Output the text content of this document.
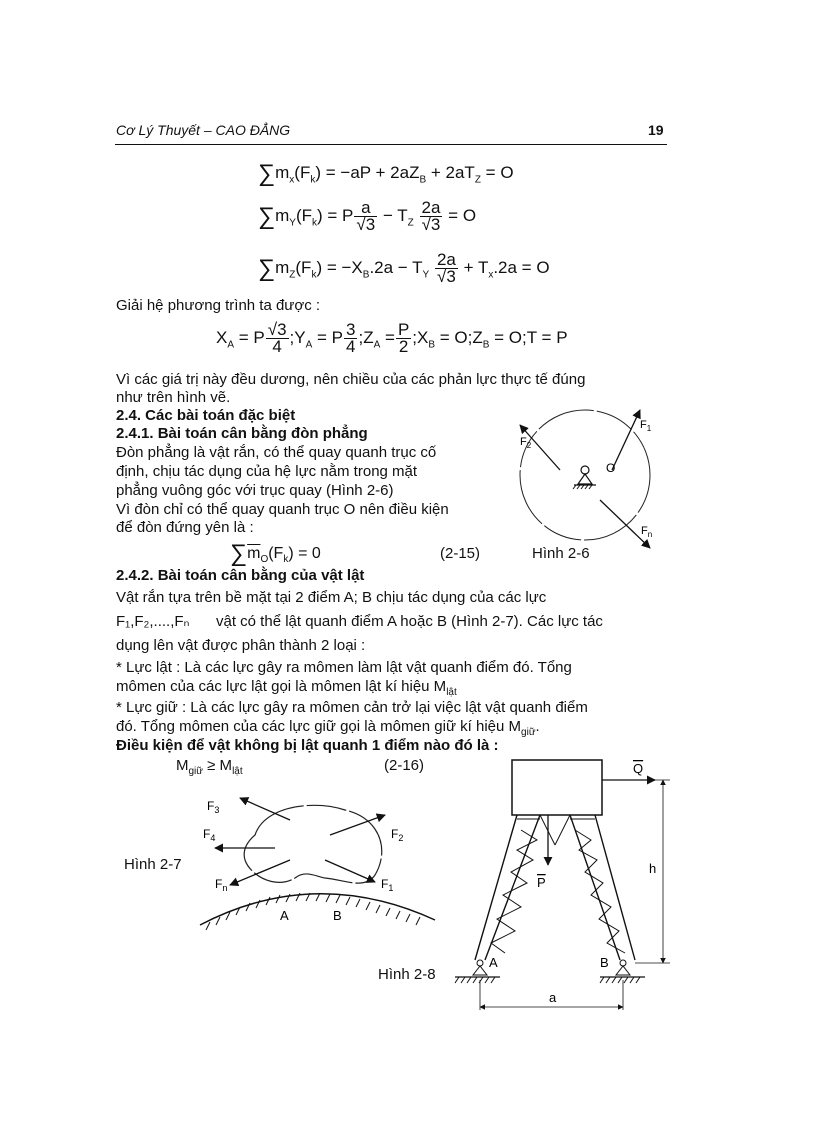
Cơ Lý Thuyết – CAO ĐẲNG	19
$\sum m_x(F_k) = -aP + 2aZ_B + 2aT_Z = O$
$\sum m_Y(F_k) = P \frac{a}{√3} - T_Z \frac{2a}{√3} = O$
$\sum m_Z(F_k) = -X_B.2a - T_Y \frac{2a}{√3} + T_x.2a = O$
Giải hệ phương trình ta được :
$X_A = P \frac{√3}{4}$ $;Y_A = P \frac{3}{4}$ $;Z_A = \frac{P}{2}$ $;X_B$ = $O;Z_B$ = O;T = P
Vì các giá trị này đều dương, nên chiều của các phản lực thực tế đúng
như trên hình vẽ.
2.4. Các bài toán đặc biệt
2.4.1. Bài toán cân bằng đòn phẳng
Đòn phẳng là vật rắn, có thể quay quanh trục cố
định, chịu tác dụng của hệ lực nằm trong mặt
phẳng vuông góc với trục quay (Hình 2-6)
Vì đòn chỉ có thể quay quanh trục O nên điều kiện
để đòn đứng yên là :
$\sum\overline{m}_O(F_k) = 0$	(2-15)
$F_2$
$F_1$
$F_n$
O
Hình 2-6
2.4.2. Bài toán cân bằng của vật lật
Vật rắn tựa trên bề mặt tại 2 điểm A; B chịu tác dụng của các lực
F₁,F₂,....,Fₙ vật có thể lật quanh điểm A hoặc B (Hình 2-7). Các lực tác
dụng lên vật được phân thành 2 loại :
* Lực lật : Là các lực gây ra mômen làm lật vật quanh điểm đó. Tổng
mômen của các lực lật gọi là mômen lật kí hiệu $M_{lật}$
* Lực giữ : Là các lực gây ra mômen cản trở lại việc lật vật quanh điểm
đó. Tổng mômen của các lực giữ gọi là mômen giữ kí hiệu $M_{giữ}$.
Điều kiện để vật không bị lật quanh 1 điểm nào đó là :
$M_{giữ} \ge M_{lật}$	(2-16)
$F_3$
$F_4$	$F_2$
$F_n$	$F_1$
A	B
Hình 2-7
Q
P
h
a
A	B
Hình 2-8
